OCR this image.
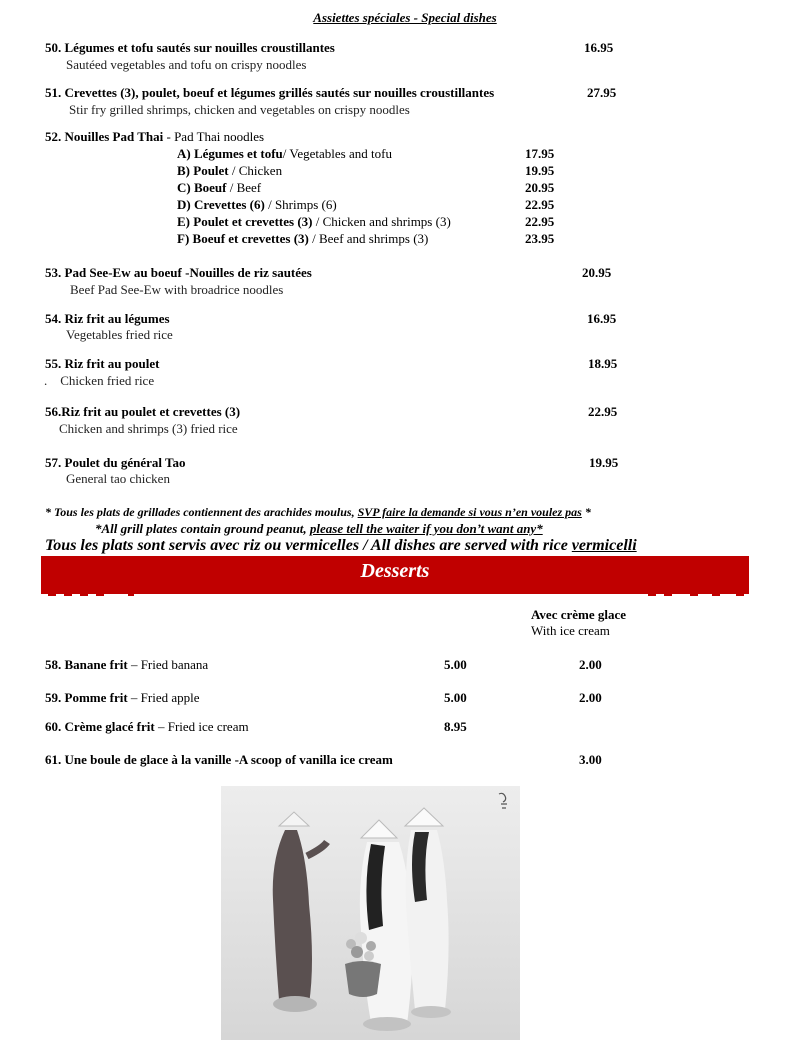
Assiettes spéciales - Special dishes
50. Légumes et tofu sautés sur nouilles croustillantes
Sautéed vegetables and tofu on crispy noodles
16.95
51. Crevettes (3), poulet, boeuf et légumes grillés sautés sur nouilles croustillantes
Stir fry grilled shrimps, chicken and vegetables on crispy noodles
27.95
52. Nouilles Pad Thai - Pad Thai noodles
A) Légumes et tofu/ Vegetables and tofu	17.95
B) Poulet / Chicken	19.95
C) Boeuf / Beef	20.95
D) Crevettes (6) / Shrimps (6)	22.95
E) Poulet et crevettes (3) / Chicken and shrimps (3)	22.95
F) Boeuf et crevettes (3) / Beef and shrimps (3)	23.95
53. Pad See-Ew au boeuf -Nouilles de riz sautées
Beef Pad See-Ew with broadrice noodles
20.95
54. Riz frit au légumes
Vegetables fried rice
16.95
55. Riz frit au poulet
.    Chicken fried rice
18.95
56.Riz frit au poulet et crevettes (3)
Chicken and shrimps (3) fried rice
22.95
57. Poulet du général Tao
General tao chicken
19.95
* Tous les plats de grillades contiennent des arachides moulus, SVP faire la demande si vous n’en voulez pas *
*All grill plates contain ground peanut, please tell the waiter if you don’t want any*
Tous les plats sont servis avec riz ou vermicelles / All dishes are served with rice vermicelli
Desserts
Avec crème glace
With ice cream
58. Banane frit – Fried banana	5.00	2.00
59. Pomme frit – Fried apple	5.00	2.00
60. Crème glacé frit – Fried ice cream	8.95
61. Une boule de glace à la vanille -A scoop of vanilla ice cream	3.00
